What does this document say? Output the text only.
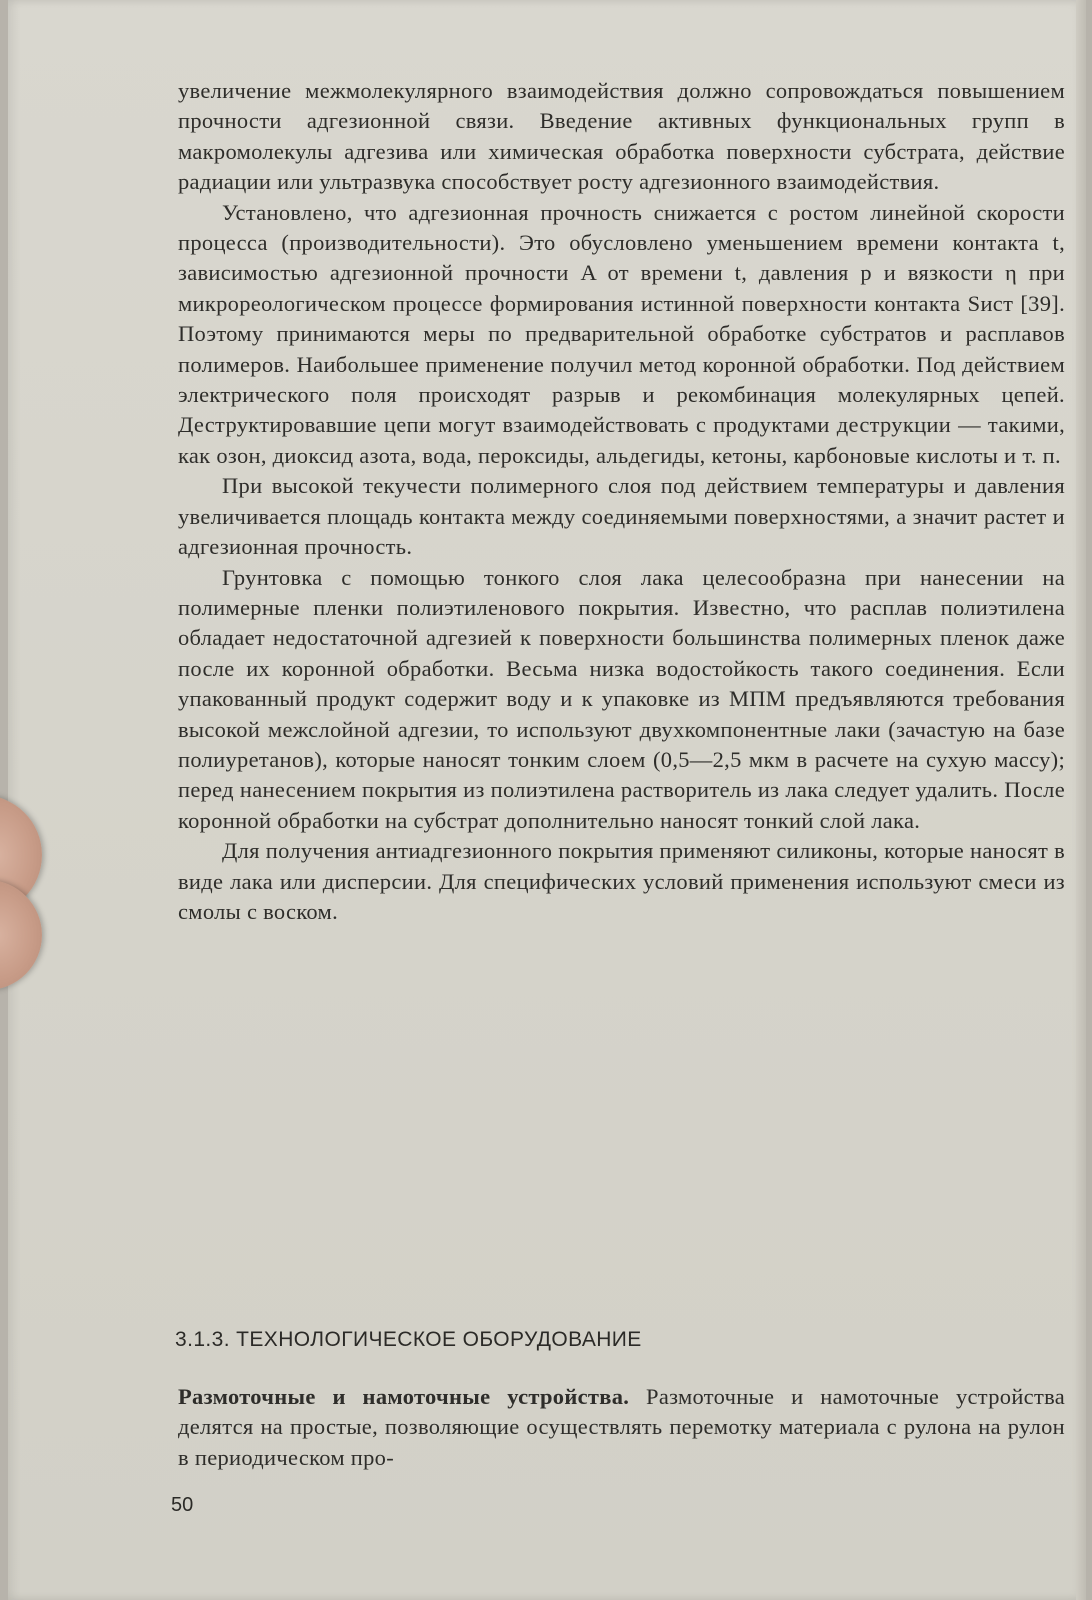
увеличение межмолекулярного взаимодействия должно сопровождаться повышением прочности адгезионной связи. Введение активных функциональных групп в макромолекулы адгезива или химическая обработка поверхности субстрата, действие радиации или ультразвука способствует росту адгезионного взаимодействия.

Установлено, что адгезионная прочность снижается с ростом линейной скорости процесса (производительности). Это обусловлено уменьшением времени контакта t, зависимостью адгезионной прочности A от времени t, давления p и вязкости η при микрореологическом процессе формирования истинной поверхности контакта Sист [39]. Поэтому принимаются меры по предварительной обработке субстратов и расплавов полимеров. Наибольшее применение получил метод коронной обработки. Под действием электрического поля происходят разрыв и рекомбинация молекулярных цепей. Деструктировавшие цепи могут взаимодействовать с продуктами деструкции — такими, как озон, диоксид азота, вода, пероксиды, альдегиды, кетоны, карбоновые кислоты и т. п.

При высокой текучести полимерного слоя под действием температуры и давления увеличивается площадь контакта между соединяемыми поверхностями, а значит растет и адгезионная прочность.

Грунтовка с помощью тонкого слоя лака целесообразна при нанесении на полимерные пленки полиэтиленового покрытия. Известно, что расплав полиэтилена обладает недостаточной адгезией к поверхности большинства полимерных пленок даже после их коронной обработки. Весьма низка водостойкость такого соединения. Если упакованный продукт содержит воду и к упаковке из МПМ предъявляются требования высокой межслойной адгезии, то используют двухкомпонентные лаки (зачастую на базе полиуретанов), которые наносят тонким слоем (0,5—2,5 мкм в расчете на сухую массу); перед нанесением покрытия из полиэтилена растворитель из лака следует удалить. После коронной обработки на субстрат дополнительно наносят тонкий слой лака.

Для получения антиадгезионного покрытия применяют силиконы, которые наносят в виде лака или дисперсии. Для специфических условий применения используют смеси из смолы с воском.

3.1.3. ТЕХНОЛОГИЧЕСКОЕ ОБОРУДОВАНИЕ

Размоточные и намоточные устройства. Размоточные и намоточные устройства делятся на простые, позволяющие осуществлять перемотку материала с рулона на рулон в периодическом про-

50
